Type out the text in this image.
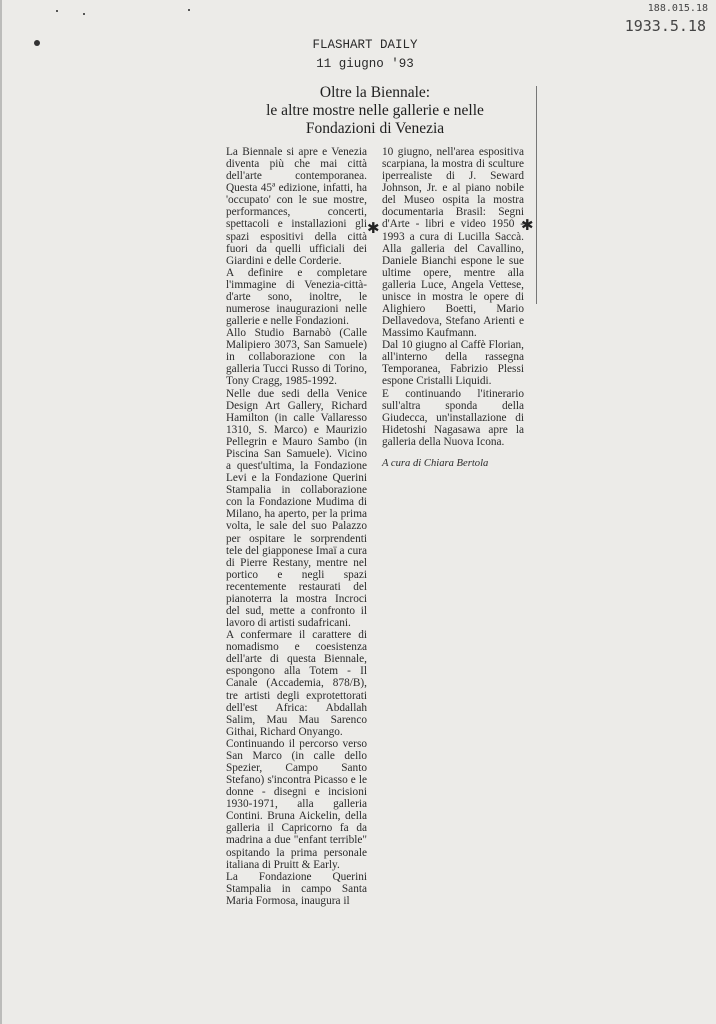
188.015.18
1933.5.18
FLASHART DAILY
11 giugno '93
Oltre la Biennale:
le altre mostre nelle gallerie e nelle
Fondazioni di Venezia

La Biennale si apre e Venezia diventa più che mai città dell'arte contemporanea. Questa 45ª edizione, infatti, ha 'occupato' con le sue mostre, performances, concerti, spettacoli e installazioni gli spazi espositivi della città fuori da quelli ufficiali dei Giardini e delle Corderie.

A definire e completare l'immagine di Venezia-città-d'arte sono, inoltre, le numerose inaugurazioni nelle gallerie e nelle Fondazioni.

Allo Studio Barnabò (Calle Malipiero 3073, San Samuele) in collaborazione con la galleria Tucci Russo di Torino, Tony Cragg, 1985-1992.

Nelle due sedi della Venice Design Art Gallery, Richard Hamilton (in calle Vallaresso 1310, S. Marco) e Maurizio Pellegrin e Mauro Sambo (in Piscina San Samuele). Vicino a quest'ultima, la Fondazione Levi e la Fondazione Querini Stampalia in collaborazione con la Fondazione Mudima di Milano, ha aperto, per la prima volta, le sale del suo Palazzo per ospitare le sorprendenti tele del giapponese Imaï a cura di Pierre Restany, mentre nel portico e negli spazi recentemente restaurati del pianoterra la mostra Incroci del sud, mette a confronto il lavoro di artisti sudafricani.

A confermare il carattere di nomadismo e coesistenza dell'arte di questa Biennale, espongono alla Totem - Il Canale (Accademia, 878/B), tre artisti degli exprotettorati dell'est Africa: Abdallah Salim, Mau Mau Sarenco Githai, Richard Onyango.

Continuando il percorso verso San Marco (in calle dello Spezier, Campo Santo Stefano) s'incontra Picasso e le donne - disegni e incisioni 1930-1971, alla galleria Contini. Bruna Aickelin, della galleria il Capricorno fa da madrina a due "enfant terrible" ospitando la prima personale italiana di Pruitt & Early.

La Fondazione Querini Stampalia in campo Santa Maria Formosa, inaugura il

10 giugno, nell'area espositiva scarpiana, la mostra di sculture iperrealiste di J. Seward Johnson, Jr. e al piano nobile del Museo ospita la mostra documentaria Brasil: Segni d'Arte - libri e video 1950 - 1993 a cura di Lucilla Saccà. Alla galleria del Cavallino, Daniele Bianchi espone le sue ultime opere, mentre alla galleria Luce, Angela Vettese, unisce in mostra le opere di Alighiero Boetti, Mario Dellavedova, Stefano Arienti e Massimo Kaufmann.

Dal 10 giugno al Caffè Florian, all'interno della rassegna Temporanea, Fabrizio Plessi espone Cristalli Liquidi.

E continuando l'itinerario sull'altra sponda della Giudecca, un'installazione di Hidetoshi Nagasawa apre la galleria della Nuova Icona.

A cura di Chiara Bertola

✱	✱
